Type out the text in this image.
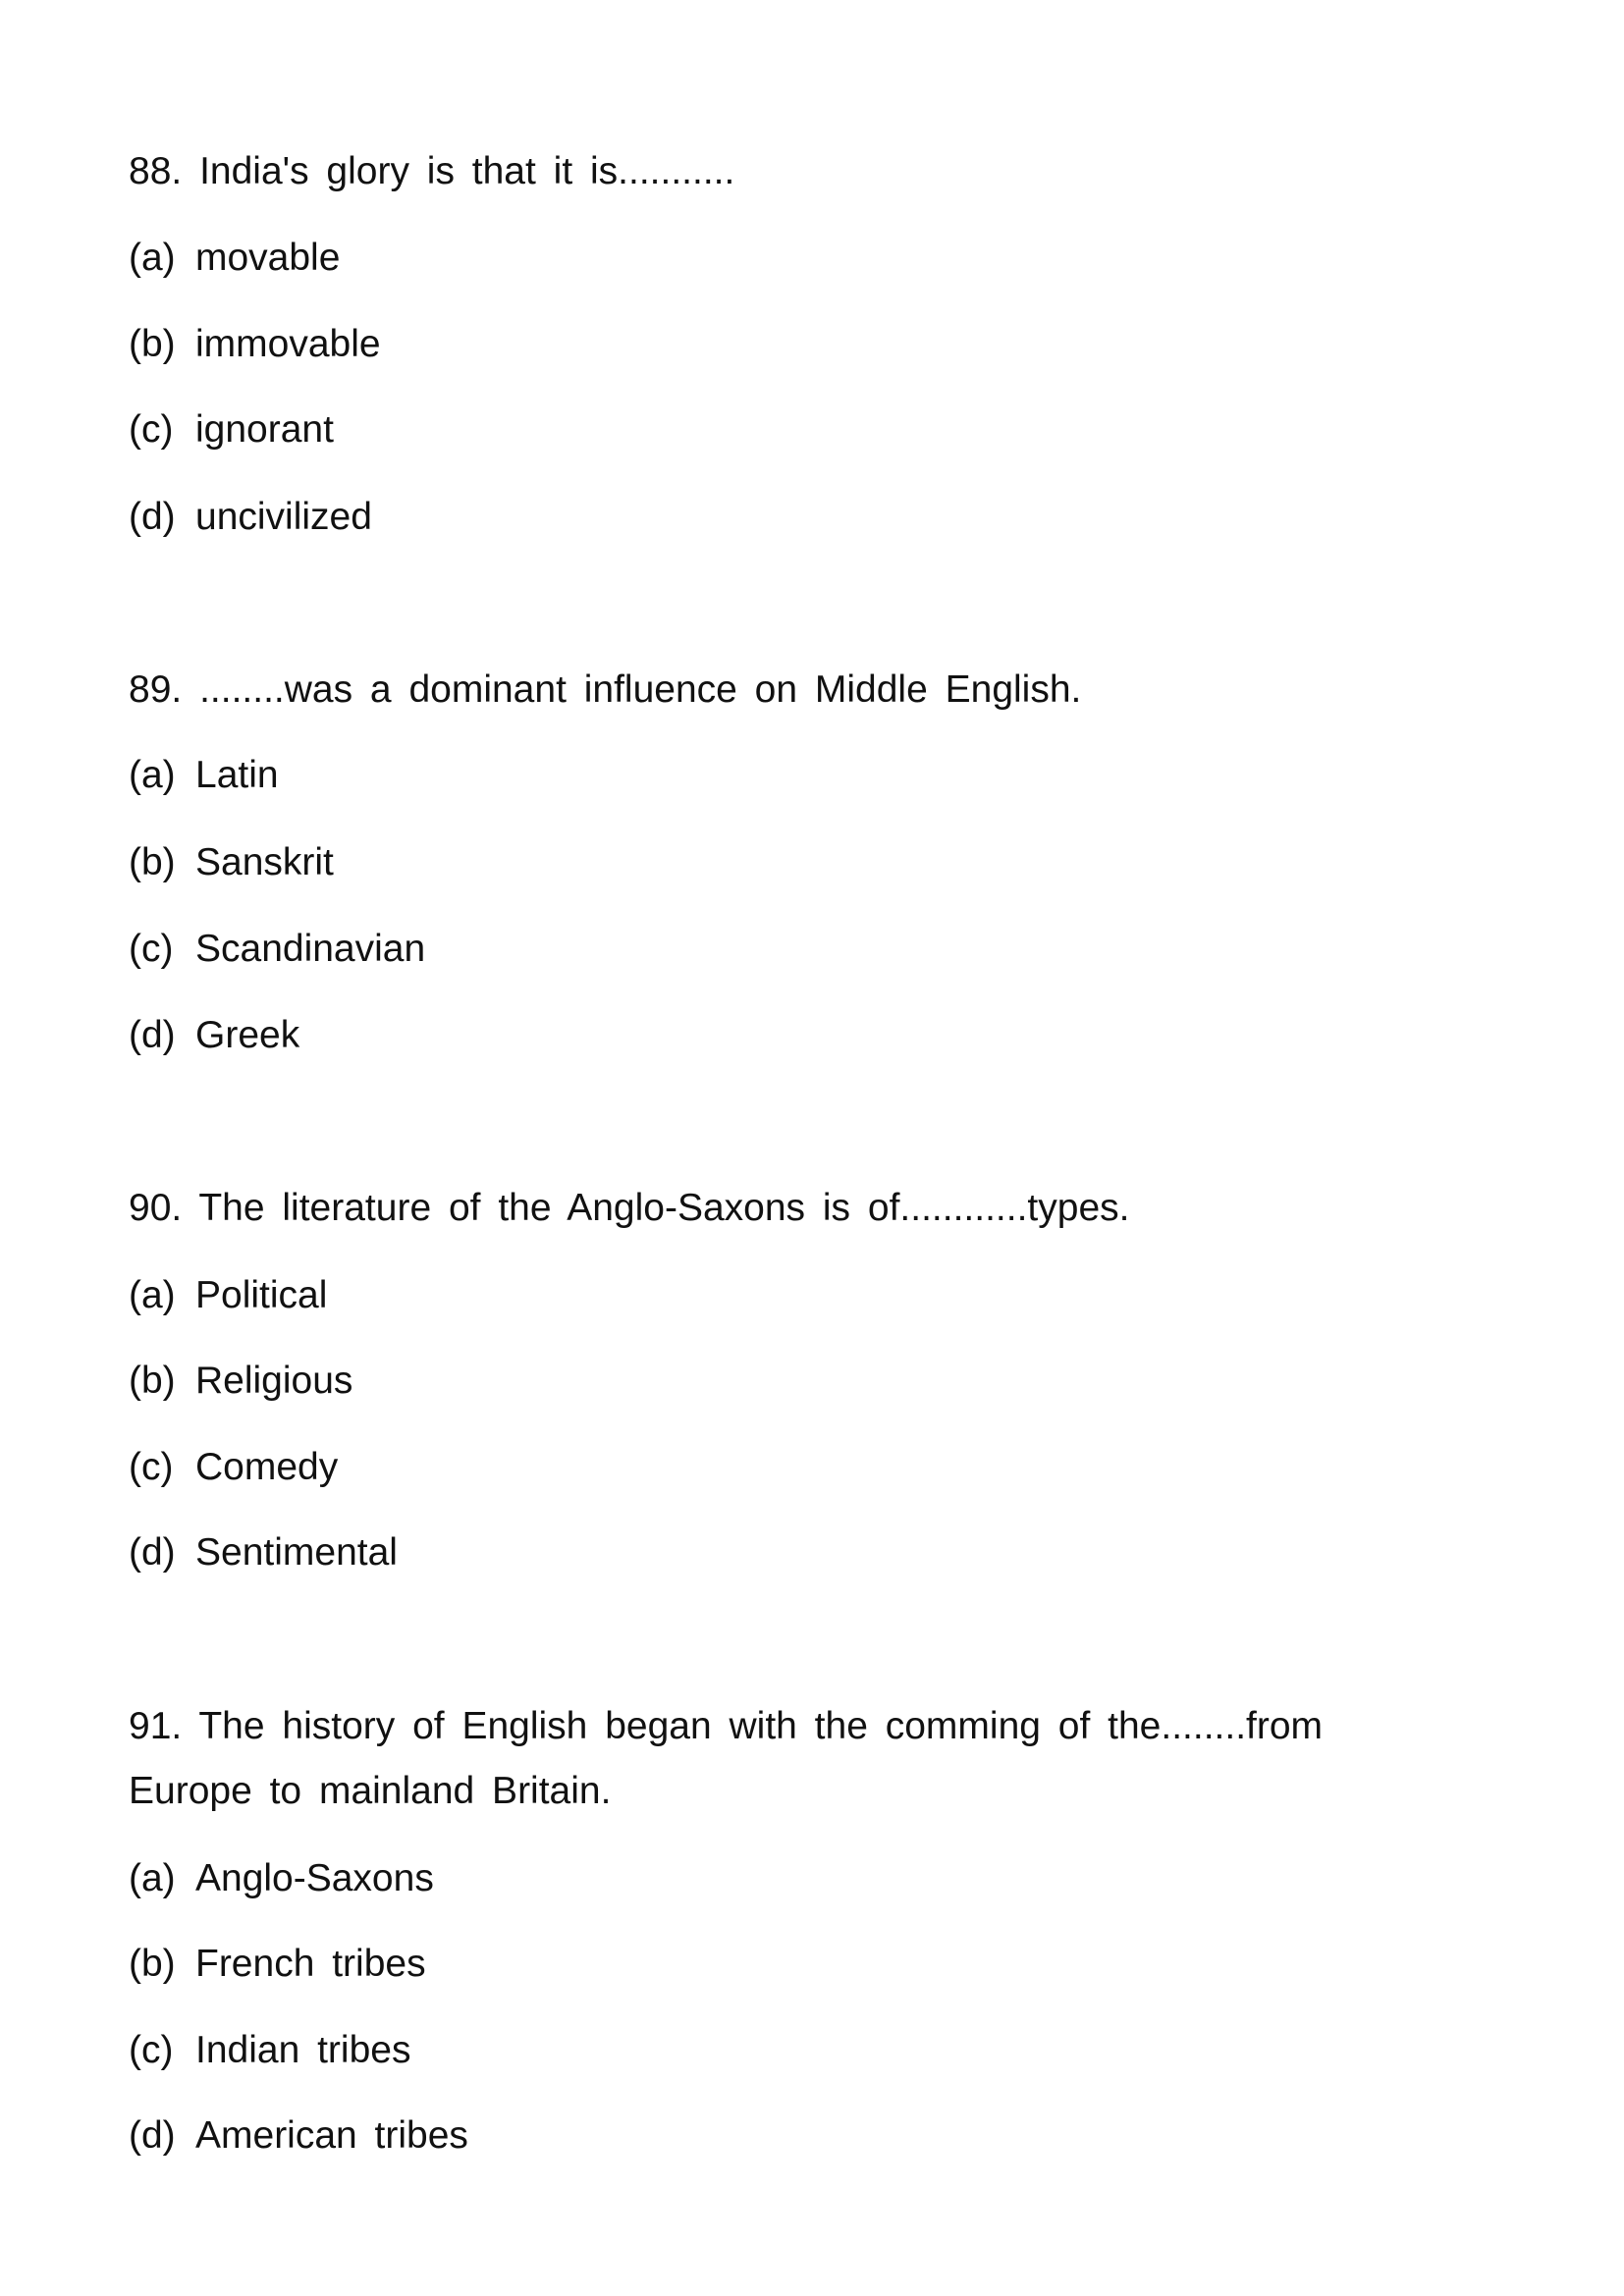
88. India's glory is that it is...........
(a) movable
(b) immovable
(c) ignorant
(d) uncivilized
89. ........was a dominant influence on Middle English.
(a) Latin
(b) Sanskrit
(c) Scandinavian
(d) Greek
90. The literature of the Anglo-Saxons is of............types.
(a) Political
(b) Religious
(c) Comedy
(d) Sentimental
91. The history of English began with the comming of the........from
Europe to mainland Britain.
(a) Anglo-Saxons
(b) French tribes
(c) Indian tribes
(d) American tribes
